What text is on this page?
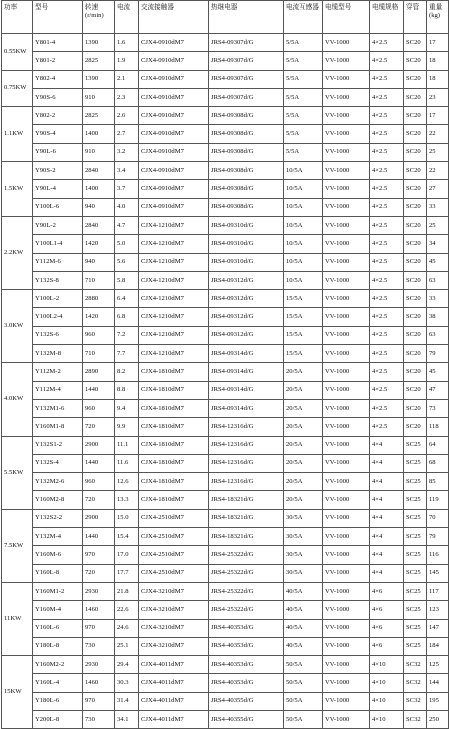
功率	型号	转速 (r/min)	电流	交流接触器	热继电器	电流互感器	电缆型号	电缆规格	穿管	重量 (kg)
0.55KW	Y801-4	1390	1.6	CJX4-0910dM7	JRS4-09307d/G	5/5A	VV-1000	4×2.5	SC20	17
	Y801-2	2825	1.9	CJX4-0910dM7	JRS4-09307d/G	5/5A	VV-1000	4×2.5	SC20	18
0.75KW	Y802-4	1390	2.1	CJX4-0910dM7	JRS4-09307d/G	5/5A	VV-1000	4×2.5	SC20	18
	Y90S-6	910	2.3	CJX4-0910dM7	JRS4-09307d/G	5/5A	VV-1000	4×2.5	SC20	23
1.1KW	Y802-2	2825	2.6	CJX4-0910dM7	JRS4-09308d/G	5/5A	VV-1000	4×2.5	SC20	17
	Y90S-4	1400	2.7	CJX4-0910dM7	JRS4-09308d/G	5/5A	VV-1000	4×2.5	SC20	22
	Y90L-6	910	3.2	CJX4-0910dM7	JRS4-09308d/G	5/5A	VV-1000	4×2.5	SC20	25
1.5KW	Y90S-2	2840	3.4	CJX4-0910dM7	JRS4-09308d/G	10/5A	VV-1000	4×2.5	SC20	22
	Y90L-4	1400	3.7	CJX4-0910dM7	JRS4-09308d/G	10/5A	VV-1000	4×2.5	SC20	27
	Y100L-6	940	4.0	CJX4-0910dM7	JRS4-09308d/G	10/5A	VV-1000	4×2.5	SC20	33
2.2KW	Y90L-2	2840	4.7	CJX4-1210dM7	JRS4-09310d/G	10/5A	VV-1000	4×2.5	SC20	25
	Y100L1-4	1420	5.0	CJX4-1210dM7	JRS4-09310d/G	10/5A	VV-1000	4×2.5	SC20	34
	Y112M-6	940	5.6	CJX4-1210dM7	JRS4-09310d/G	10/5A	VV-1000	4×2.5	SC20	45
	Y132S-8	710	5.8	CJX4-1210dM7	JRS4-09312d/G	10/5A	VV-1000	4×2.5	SC20	63
3.0KW	Y100L-2	2880	6.4	CJX4-1210dM7	JRS4-09312d/G	15/5A	VV-1000	4×2.5	SC20	33
	Y100L2-4	1420	6.8	CJX4-1210dM7	JRS4-09312d/G	15/5A	VV-1000	4×2.5	SC20	38
	Y132S-6	960	7.2	CJX4-1210dM7	JRS4-09312d/G	15/5A	VV-1000	4×2.5	SC20	63
	Y132M-8	710	7.7	CJX4-1210dM7	JRS4-09314d/G	15/5A	VV-1000	4×2.5	SC20	79
4.0KW	Y112M-2	2890	8.2	CJX4-1810dM7	JRS4-09314d/G	20/5A	VV-1000	4×2.5	SC20	45
	Y112M-4	1440	8.8	CJX4-1810dM7	JRS4-09314d/G	20/5A	VV-1000	4×2.5	SC20	47
	Y132M1-6	960	9.4	CJX4-1810dM7	JRS4-09314d/G	20/5A	VV-1000	4×2.5	SC20	73
	Y160M1-8	720	9.9	CJX4-1810dM7	JRS4-12316d/G	20/5A	VV-1000	4×2.5	SC20	118
5.5KW	Y132S1-2	2900	11.1	CJX4-1810dM7	JRS4-12316d/G	20/5A	VV-1000	4×4	SC25	64
	Y132S-4	1440	11.6	CJX4-1810dM7	JRS4-12316d/G	20/5A	VV-1000	4×4	SC25	68
	Y132M2-6	960	12.6	CJX4-1810dM7	JRS4-12316d/G	20/5A	VV-1000	4×4	SC25	85
	Y160M2-8	720	13.3	CJX4-1810dM7	JRS4-18321d/G	20/5A	VV-1000	4×4	SC25	119
7.5KW	Y132S2-2	2900	15.0	CJX4-2510dM7	JRS4-18321d/G	30/5A	VV-1000	4×4	SC25	70
	Y132M-4	1440	15.4	CJX4-2510dM7	JRS4-18321d/G	30/5A	VV-1000	4×4	SC25	79
	Y160M-6	970	17.0	CJX4-2510dM7	JRS4-25322d/G	30/5A	VV-1000	4×4	SC25	116
	Y160L-8	720	17.7	CJX4-2510dM7	JRS4-25322d/G	30/5A	VV-1000	4×4	SC25	145
11KW	Y160M1-2	2930	21.8	CJX4-3210dM7	JRS4-25322d/G	40/5A	VV-1000	4×6	SC25	117
	Y160M-4	1460	22.6	CJX4-3210dM7	JRS4-25322d/G	40/5A	VV-1000	4×6	SC25	123
	Y160L-6	970	24.6	CJX4-3210dM7	JRS4-40353d/G	40/5A	VV-1000	4×6	SC25	147
	Y180L-8	730	25.1	CJX4-3210dM7	JRS4-40353d/G	40/5A	VV-1000	4×6	SC25	184
15KW	Y160M2-2	2930	29.4	CJX4-4011dM7	JRS4-40353d/G	50/5A	VV-1000	4×10	SC32	125
	Y160L-4	1460	30.3	CJX4-4011dM7	JRS4-40353d/G	50/5A	VV-1000	4×10	SC32	144
	Y180L-6	970	31.4	CJX4-4011dM7	JRS4-40355d/G	50/5A	VV-1000	4×10	SC32	195
	Y200L-8	730	34.1	CJX4-4011dM7	JRS4-40355d/G	50/5A	VV-1000	4×10	SC32	250
